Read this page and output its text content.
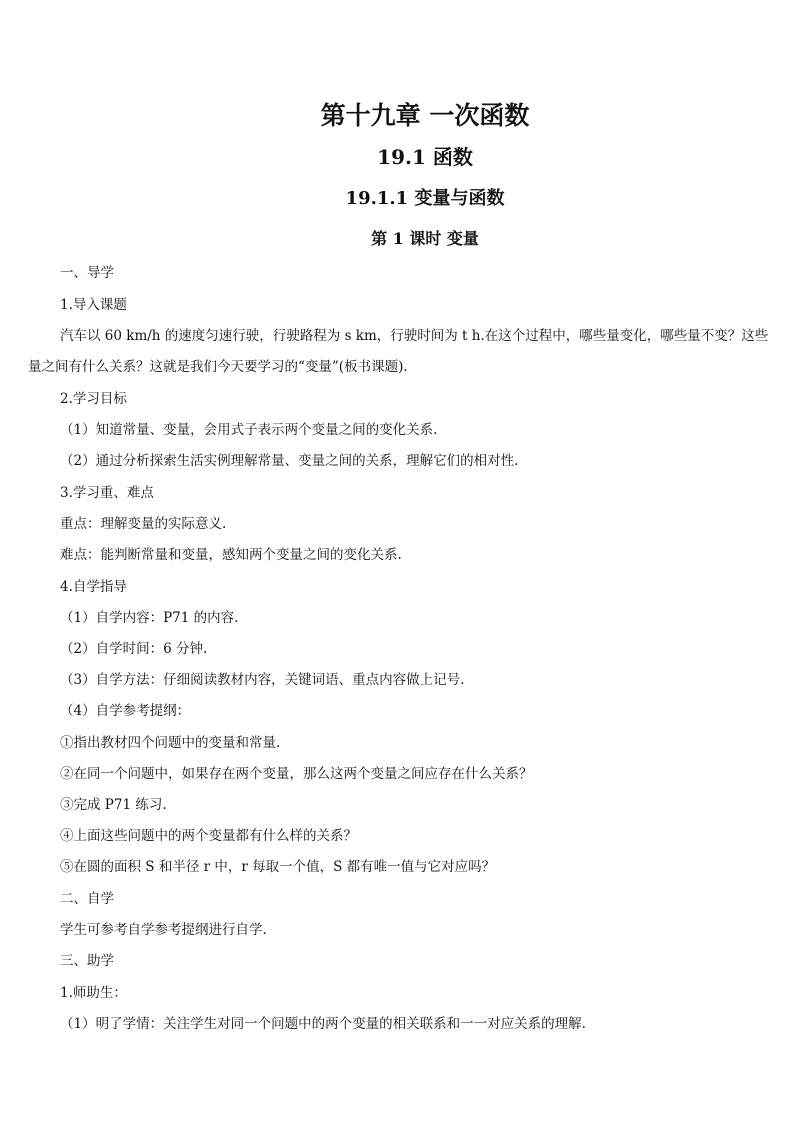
第十九章 一次函数
19.1 函数
19.1.1 变量与函数
第 1 课时 变量
一、导学
1.导入课题
汽车以 60 km/h 的速度匀速行驶，行驶路程为 s km，行驶时间为 t h.在这个过程中，哪些量变化，哪些量不变？这些
量之间有什么关系？这就是我们今天要学习的“变量”(板书课题).
2.学习目标
（1）知道常量、变量，会用式子表示两个变量之间的变化关系.
（2）通过分析探索生活实例理解常量、变量之间的关系，理解它们的相对性.
3.学习重、难点
重点：理解变量的实际意义.
难点：能判断常量和变量，感知两个变量之间的变化关系.
4.自学指导
（1）自学内容：P71 的内容.
（2）自学时间：6 分钟.
（3）自学方法：仔细阅读教材内容，关键词语、重点内容做上记号.
（4）自学参考提纲：
①指出教材四个问题中的变量和常量.
②在同一个问题中，如果存在两个变量，那么这两个变量之间应存在什么关系？
③完成 P71 练习.
④上面这些问题中的两个变量都有什么样的关系？
⑤在圆的面积 S 和半径 r 中，r 每取一个值，S 都有唯一值与它对应吗？
二、自学
学生可参考自学参考提纲进行自学.
三、助学
1.师助生：
（1）明了学情：关注学生对同一个问题中的两个变量的相关联系和一一对应关系的理解.
